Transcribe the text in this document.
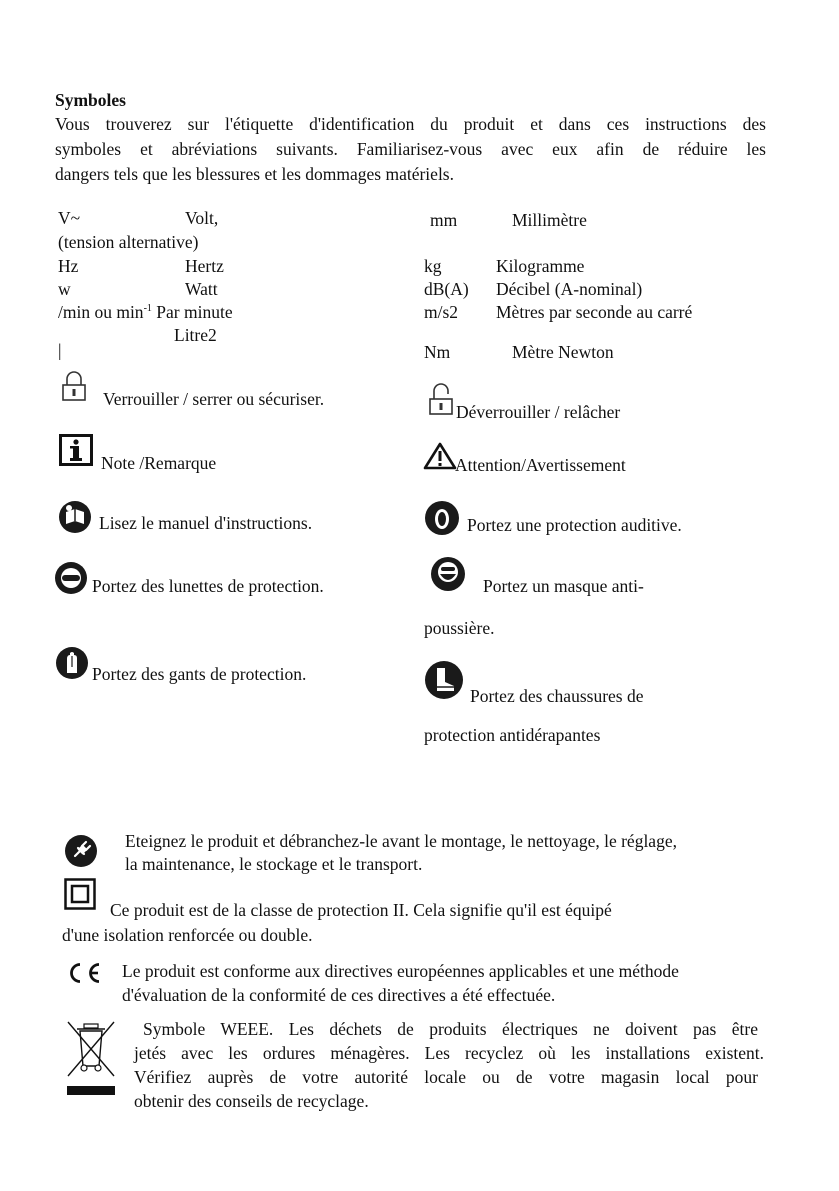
Symboles
Vous trouverez sur l'étiquette d'identification du produit et dans ces instructions des
symboles et abréviations suivants. Familiarisez-vous avec eux afin de réduire les
dangers tels que les blessures et les dommages matériels.
V~	Volt,
(tension alternative)
Hz	Hertz
w	Watt
/min ou $\min^{-1}$ Par minute
Litre2
|
mm	Millimètre
kg	Kilogramme
dB(A) Décibel (A-nominal)
m/s2 Mètres par seconde au carré
Nm	Mètre Newton
Verrouiller / serrer ou sécuriser.
Déverrouiller / relâcher
Note /Remarque	Attention/Avertissement
Lisez le manuel d'instructions.	Portez une protection auditive.
Portez des lunettes de protection.	Portez un masque anti-
poussière.
Portez des gants de protection.
Portez des chaussures de
protection antidérapantes
Eteignez le produit et débranchez-le avant le montage, le nettoyage, le réglage,
la maintenance, le stockage et le transport.
Ce produit est de la classe de protection II. Cela signifie qu'il est équipé
d'une isolation renforcée ou double.
Le produit est conforme aux directives européennes applicables et une méthode
d'évaluation de la conformité de ces directives a été effectuée.
Symbole WEEE. Les déchets de produits électriques ne doivent pas être
jetés avec les ordures ménagères. Les recyclez où les installations existent.
Vérifiez auprès de votre autorité locale ou de votre magasin local pour
obtenir des conseils de recyclage.
